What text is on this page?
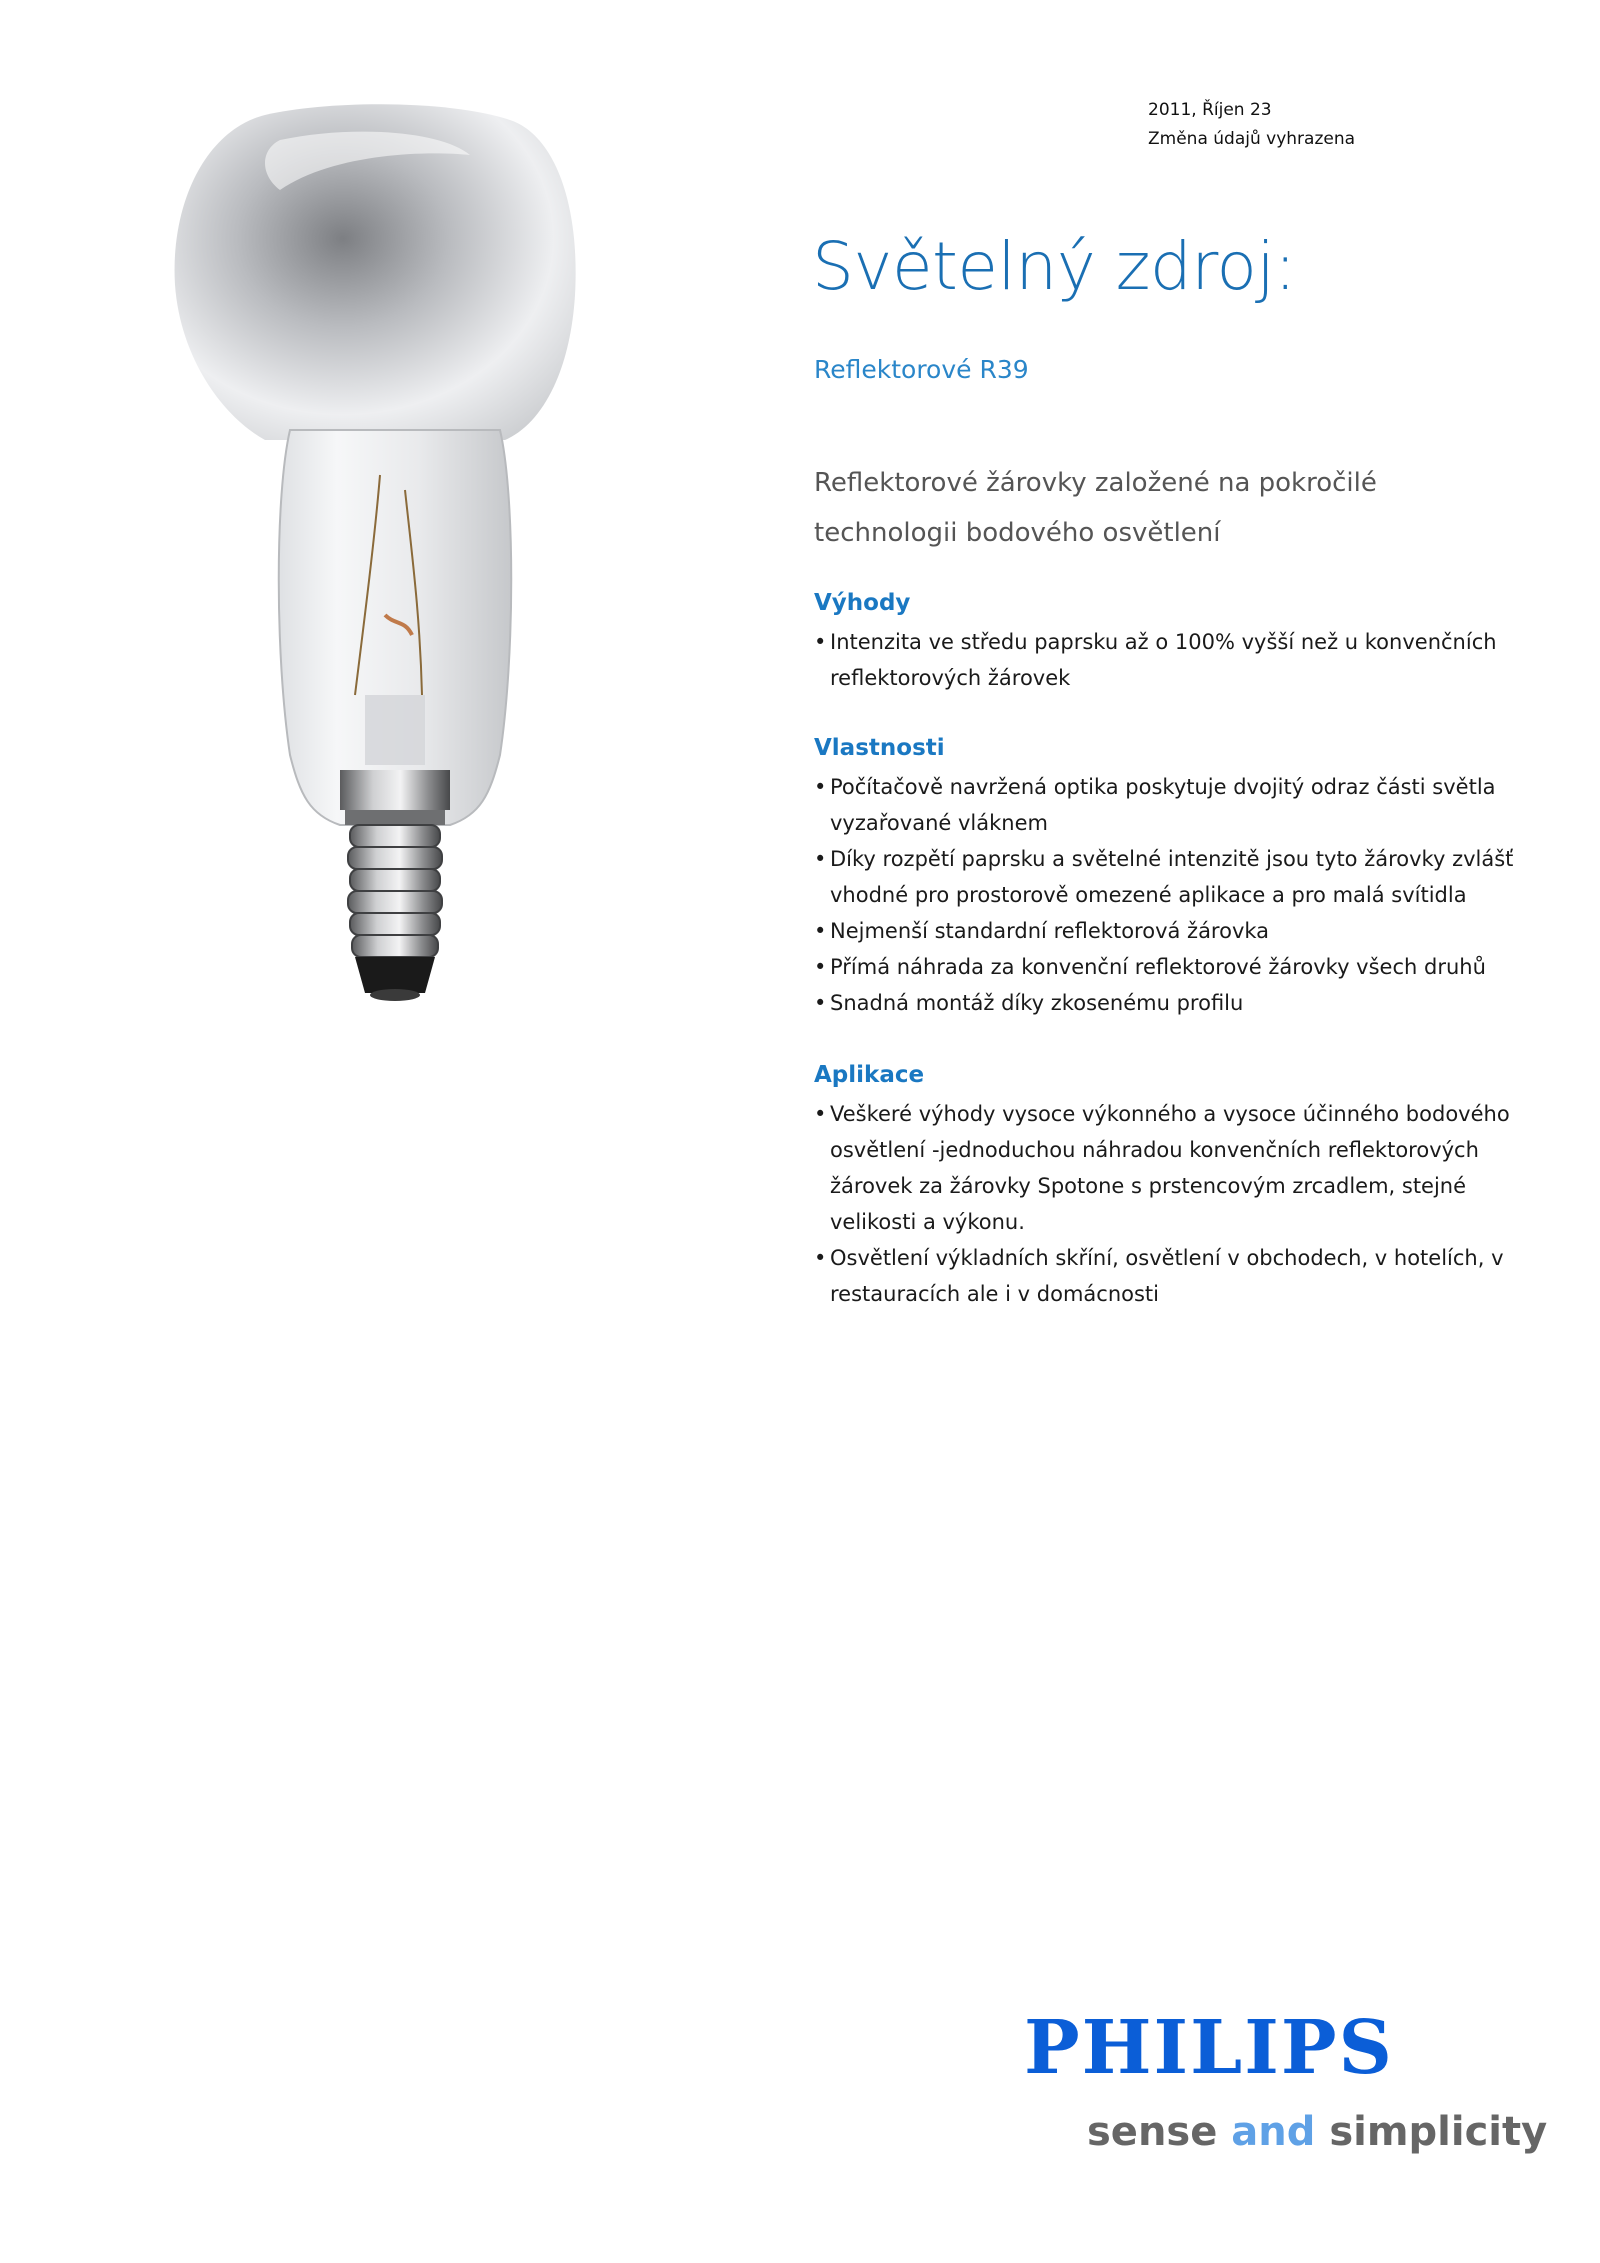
2011, Říjen 23
Změna údajů vyhrazena
Světelný zdroj:

Reflektorové R39

Reflektorové žárovky založené na pokročilé technologii bodového osvětlení

Výhody
• Intenzita ve středu paprsku až o 100% vyšší než u konvenčních reflektorových žárovek
Vlastnosti
• Počítačově navržená optika poskytuje dvojitý odraz části světla vyzařované vláknem
• Díky rozpětí paprsku a světelné intenzitě jsou tyto žárovky zvlášť vhodné pro prostorově omezené aplikace a pro malá svítidla
• Nejmenší standardní reflektorová žárovka
• Přímá náhrada za konvenční reflektorové žárovky všech druhů
• Snadná montáž díky zkosenému profilu
Aplikace
• Veškeré výhody vysoce výkonného a vysoce účinného bodového osvětlení -jednoduchou náhradou konvenčních reflektorových žárovek za žárovky Spotone s prstencovým zrcadlem, stejné velikosti a výkonu.
• Osvětlení výkladních skříní, osvětlení v obchodech, v hotelích, v restauracích ale i v domácnosti
PHILIPS
sense and simplicity
